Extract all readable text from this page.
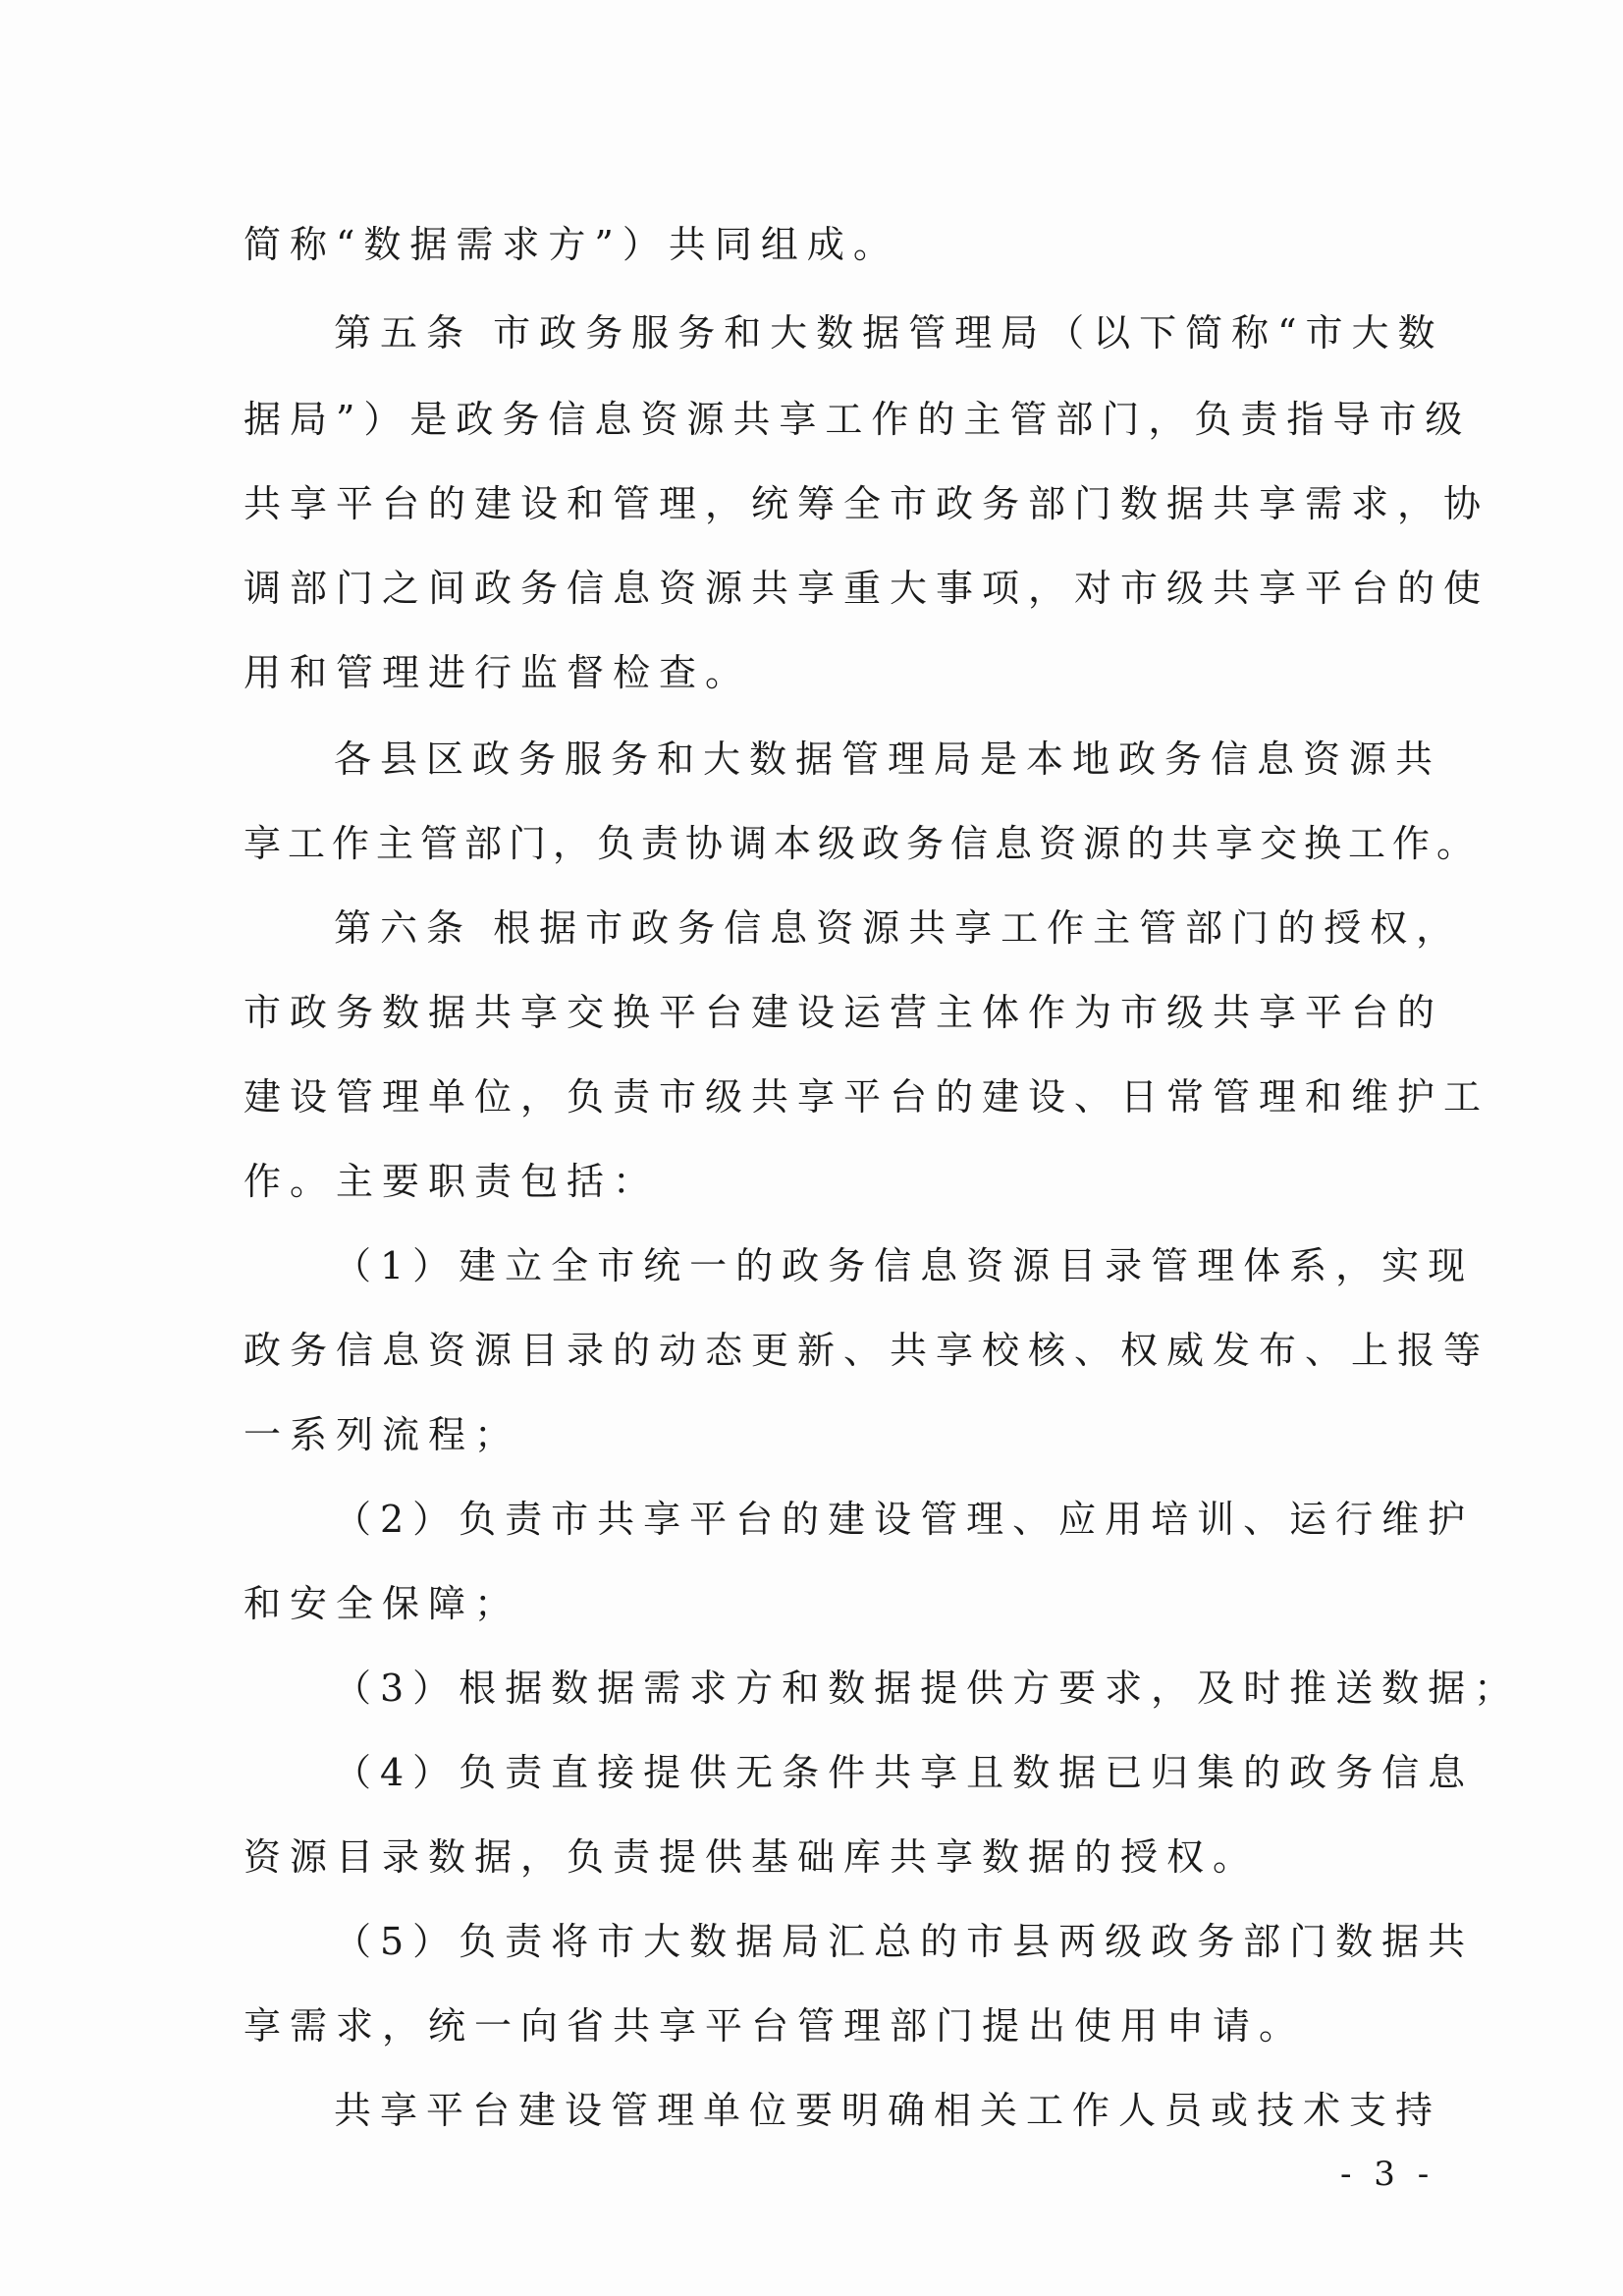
简称“数据需求方”）共同组成。

第五条 市政务服务和大数据管理局（以下简称“市大数

据局”）是政务信息资源共享工作的主管部门，负责指导市级

共享平台的建设和管理，统筹全市政务部门数据共享需求，协

调部门之间政务信息资源共享重大事项，对市级共享平台的使

用和管理进行监督检查。

各县区政务服务和大数据管理局是本地政务信息资源共

享工作主管部门，负责协调本级政务信息资源的共享交换工作。

第六条 根据市政务信息资源共享工作主管部门的授权，

市政务数据共享交换平台建设运营主体作为市级共享平台的

建设管理单位，负责市级共享平台的建设、日常管理和维护工

作。主要职责包括：

（1）建立全市统一的政务信息资源目录管理体系，实现

政务信息资源目录的动态更新、共享校核、权威发布、上报等

一系列流程；

（2）负责市共享平台的建设管理、应用培训、运行维护

和安全保障；

（3）根据数据需求方和数据提供方要求，及时推送数据；

（4）负责直接提供无条件共享且数据已归集的政务信息

资源目录数据，负责提供基础库共享数据的授权。

（5）负责将市大数据局汇总的市县两级政务部门数据共

享需求，统一向省共享平台管理部门提出使用申请。

共享平台建设管理单位要明确相关工作人员或技术支持

- 3 -
